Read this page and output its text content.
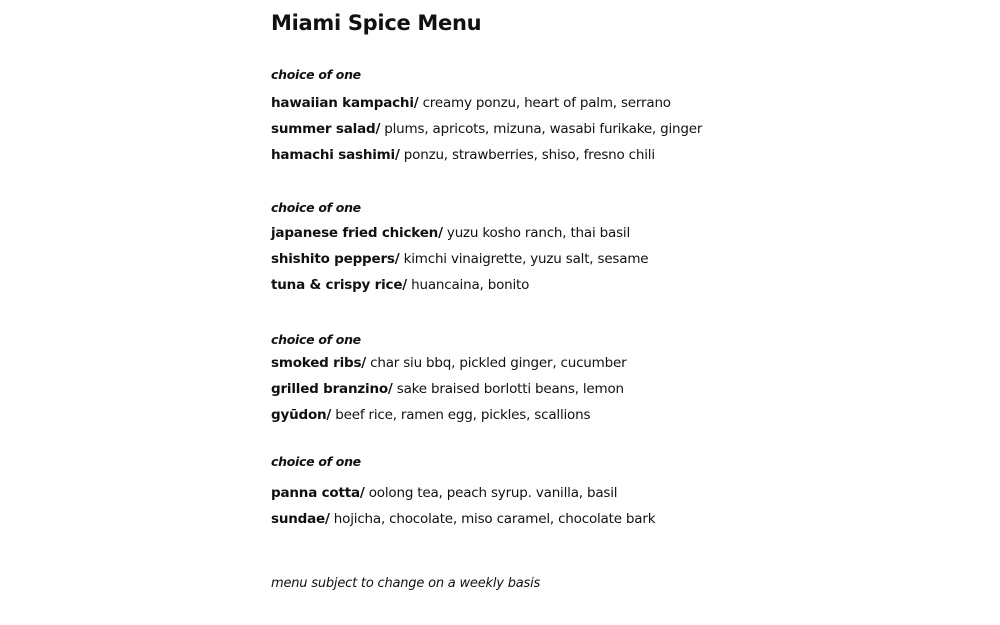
Miami Spice Menu
choice of one
hawaiian kampachi/ creamy ponzu, heart of palm, serrano
summer salad/ plums, apricots, mizuna, wasabi furikake, ginger
hamachi sashimi/ ponzu, strawberries, shiso, fresno chili
choice of one
japanese fried chicken/ yuzu kosho ranch, thai basil
shishito peppers/ kimchi vinaigrette, yuzu salt, sesame
tuna & crispy rice/ huancaina, bonito
choice of one
smoked ribs/ char siu bbq, pickled ginger, cucumber
grilled branzino/ sake braised borlotti beans, lemon
gyūdon/ beef rice, ramen egg, pickles, scallions
choice of one
panna cotta/ oolong tea, peach syrup. vanilla, basil
sundae/ hojicha, chocolate, miso caramel, chocolate bark
menu subject to change on a weekly basis
